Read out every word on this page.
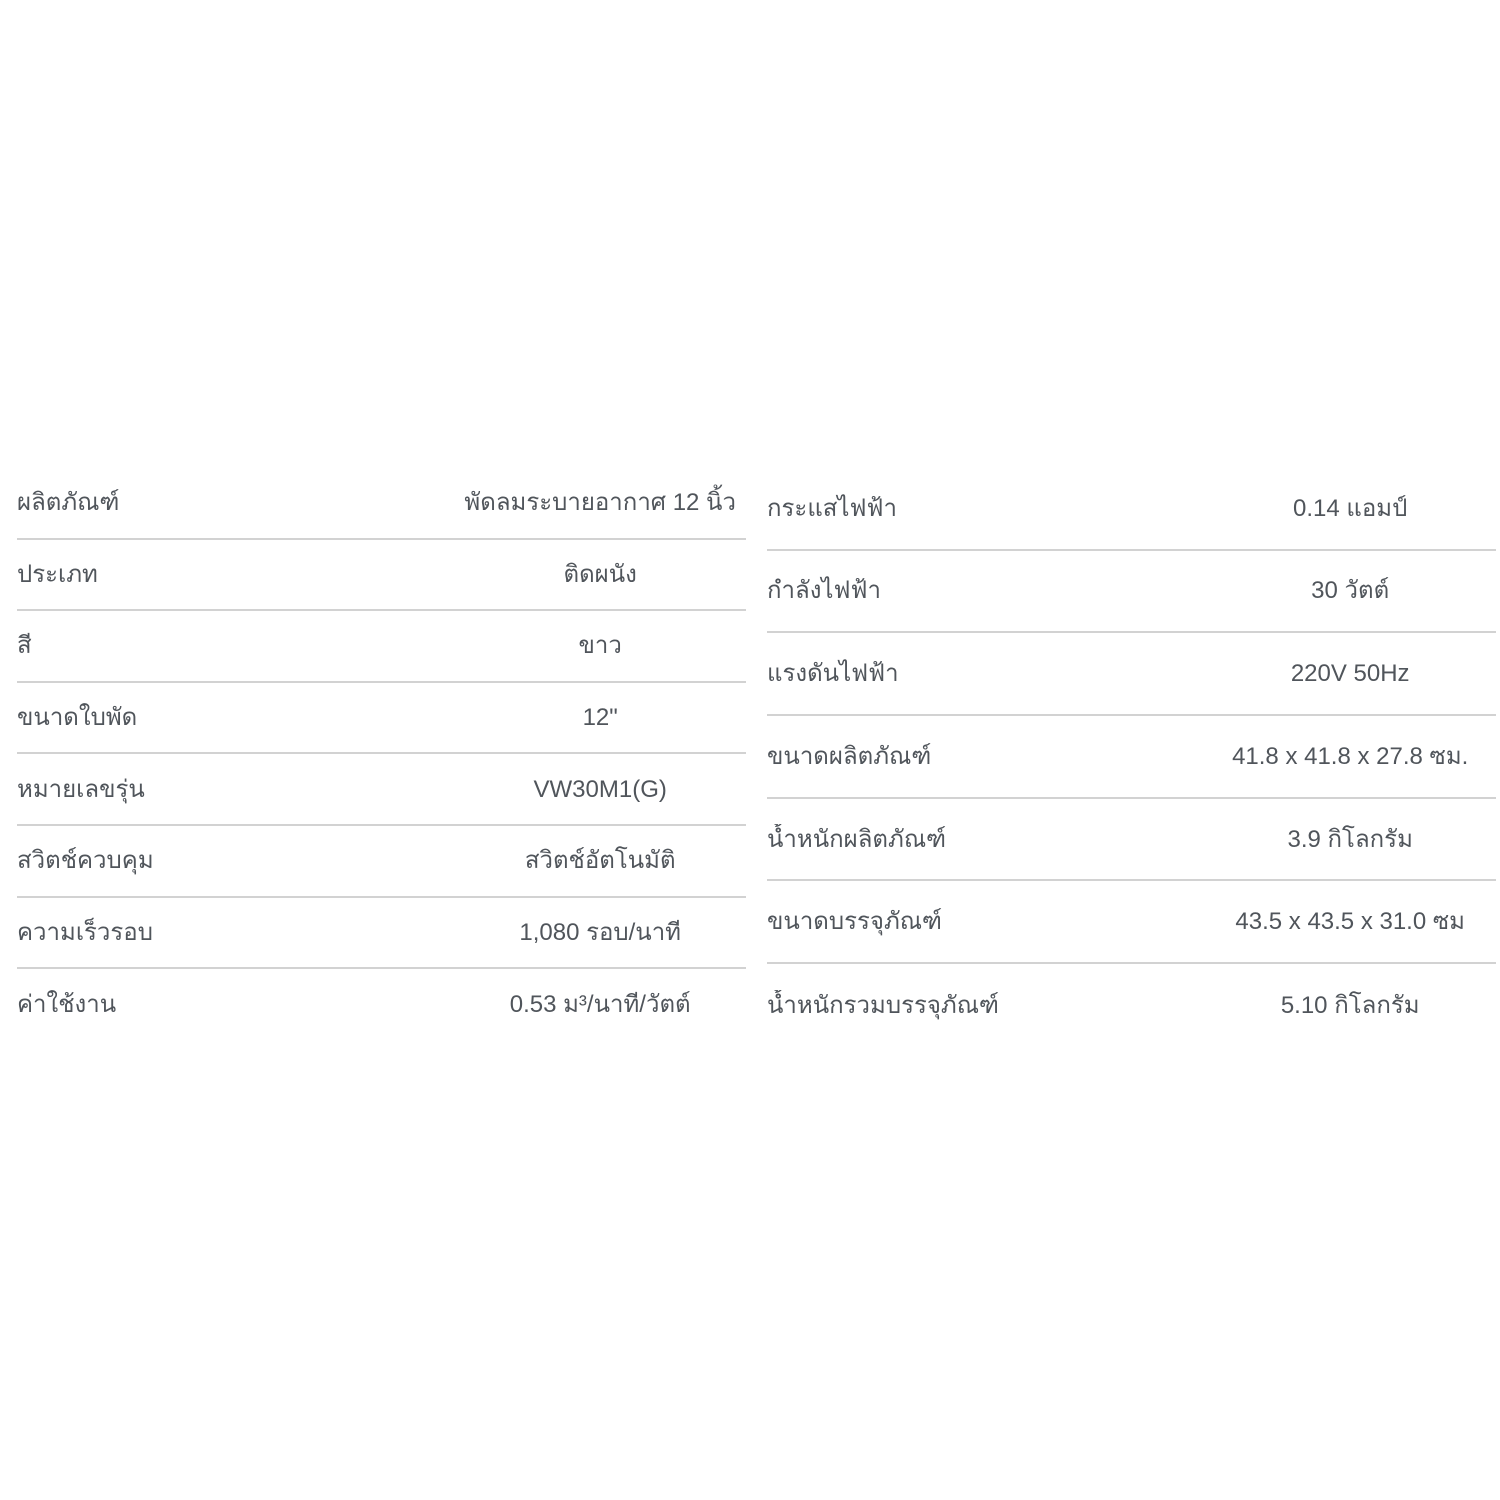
ผลิตภัณฑ์	พัดลมระบายอากาศ 12 นิ้ว
ประเภท	ติดผนัง
สี	ขาว
ขนาดใบพัด	12"
หมายเลขรุ่น	VW30M1(G)
สวิตช์ควบคุม	สวิตช์อัตโนมัติ
ความเร็วรอบ	1,080 รอบ/นาที
ค่าใช้งาน	0.53 ม³/นาที/วัตต์
กระแสไฟฟ้า	0.14 แอมป์
กำลังไฟฟ้า	30 วัตต์
แรงดันไฟฟ้า	220V 50Hz
ขนาดผลิตภัณฑ์	41.8 x 41.8 x 27.8 ซม.
น้ำหนักผลิตภัณฑ์	3.9 กิโลกรัม
ขนาดบรรจุภัณฑ์	43.5 x 43.5 x 31.0 ซม
น้ำหนักรวมบรรจุภัณฑ์	5.10 กิโลกรัม
